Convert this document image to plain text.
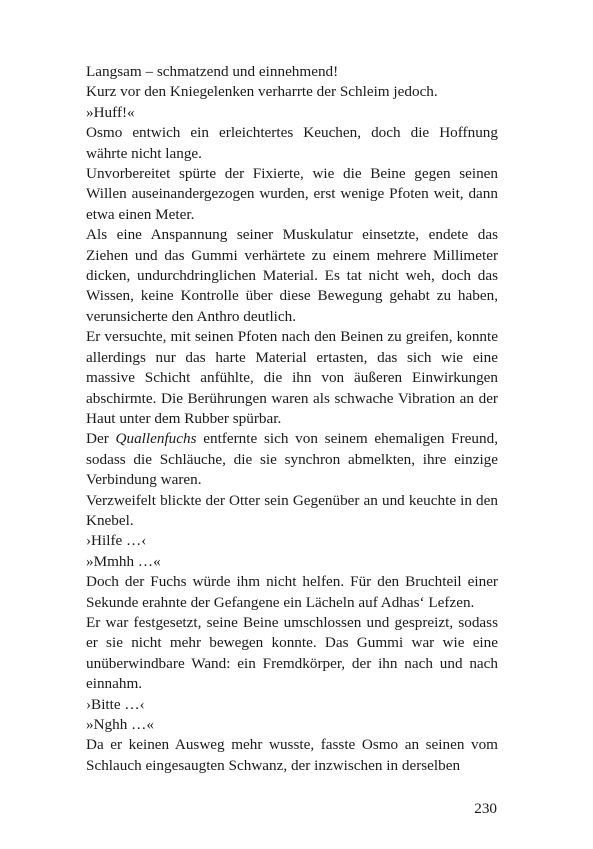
Langsam – schmatzend und einnehmend!

Kurz vor den Kniegelenken verharrte der Schleim jedoch.

»Huff!«

Osmo entwich ein erleichtertes Keuchen, doch die Hoffnung währte nicht lange.

Unvorbereitet spürte der Fixierte, wie die Beine gegen seinen Willen auseinandergezogen wurden, erst wenige Pfoten weit, dann etwa einen Meter.

Als eine Anspannung seiner Muskulatur einsetzte, endete das Ziehen und das Gummi verhärtete zu einem mehrere Millimeter dicken, undurchdringlichen Material. Es tat nicht weh, doch das Wissen, keine Kontrolle über diese Bewegung gehabt zu haben, verunsicherte den Anthro deutlich.

Er versuchte, mit seinen Pfoten nach den Beinen zu greifen, konnte allerdings nur das harte Material ertasten, das sich wie eine massive Schicht anfühlte, die ihn von äußeren Einwirkungen abschirmte. Die Berührungen waren als schwache Vibration an der Haut unter dem Rubber spürbar.

Der Quallenfuchs entfernte sich von seinem ehemaligen Freund, sodass die Schläuche, die sie synchron abmelkten, ihre einzige Verbindung waren.

Verzweifelt blickte der Otter sein Gegenüber an und keuchte in den Knebel.

›Hilfe …‹

»Mmhh …«

Doch der Fuchs würde ihm nicht helfen. Für den Bruchteil einer Sekunde erahnte der Gefangene ein Lächeln auf Adhas‘ Lefzen.

Er war festgesetzt, seine Beine umschlossen und gespreizt, sodass er sie nicht mehr bewegen konnte. Das Gummi war wie eine unüberwindbare Wand: ein Fremdkörper, der ihn nach und nach einnahm.

›Bitte …‹

»Nghh …«

Da er keinen Ausweg mehr wusste, fasste Osmo an seinen vom Schlauch eingesaugten Schwanz, der inzwischen in derselben

230
